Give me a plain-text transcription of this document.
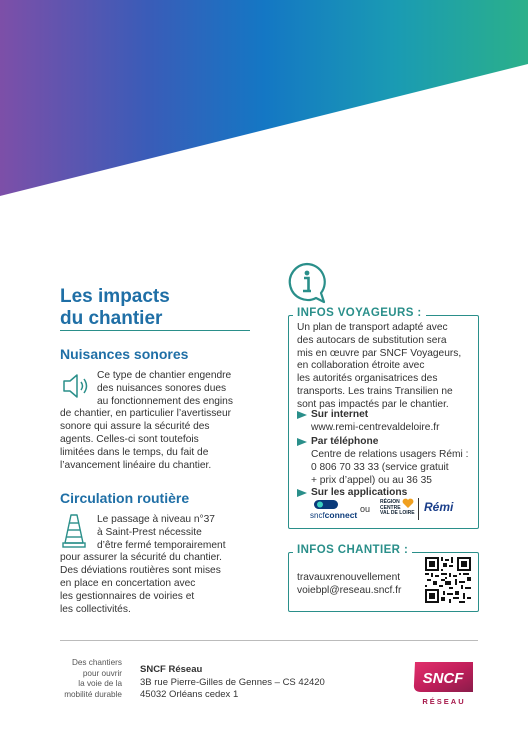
Les impacts
du chantier
Nuisances sonores
Ce type de chantier engendre
des nuisances sonores dues
au fonctionnement des engins
de chantier, en particulier l’avertisseur
sonore qui assure la sécurité des
agents. Celles-ci sont toutefois
limitées dans le temps, du fait de
l’avancement linéaire du chantier.
Circulation routière
Le passage à niveau n°37
à Saint-Prest nécessite
d’être fermé temporairement
pour assurer la sécurité du chantier.
Des déviations routières sont mises
en place en concertation avec
les gestionnaires de voiries et
les collectivités.
INFOS VOYAGEURS :
Un plan de transport adapté avec
des autocars de substitution sera
mis en œuvre par SNCF Voyageurs,
en collaboration étroite avec
les autorités organisatrices des
transports. Les trains Transilien ne
sont pas impactés par le chantier.
Sur internet
www.remi-centrevaldeloire.fr
Par téléphone
Centre de relations usagers Rémi :
0 806 70 33 33 (service gratuit
+ prix d’appel) ou au 36 35
Sur les applications
sncfconnect
ou
RÉGION
CENTRE
VAL DE LOIRE Rémi
INFOS CHANTIER :
travauxrenouvellement
voiebpl@reseau.sncf.fr
Des chantiers
pour ouvrir
la voie de la
mobilité durable
SNCF Réseau
3B rue Pierre-Gilles de Gennes – CS 42420
45032 Orléans cedex 1
SNCF
RÉSEAU
